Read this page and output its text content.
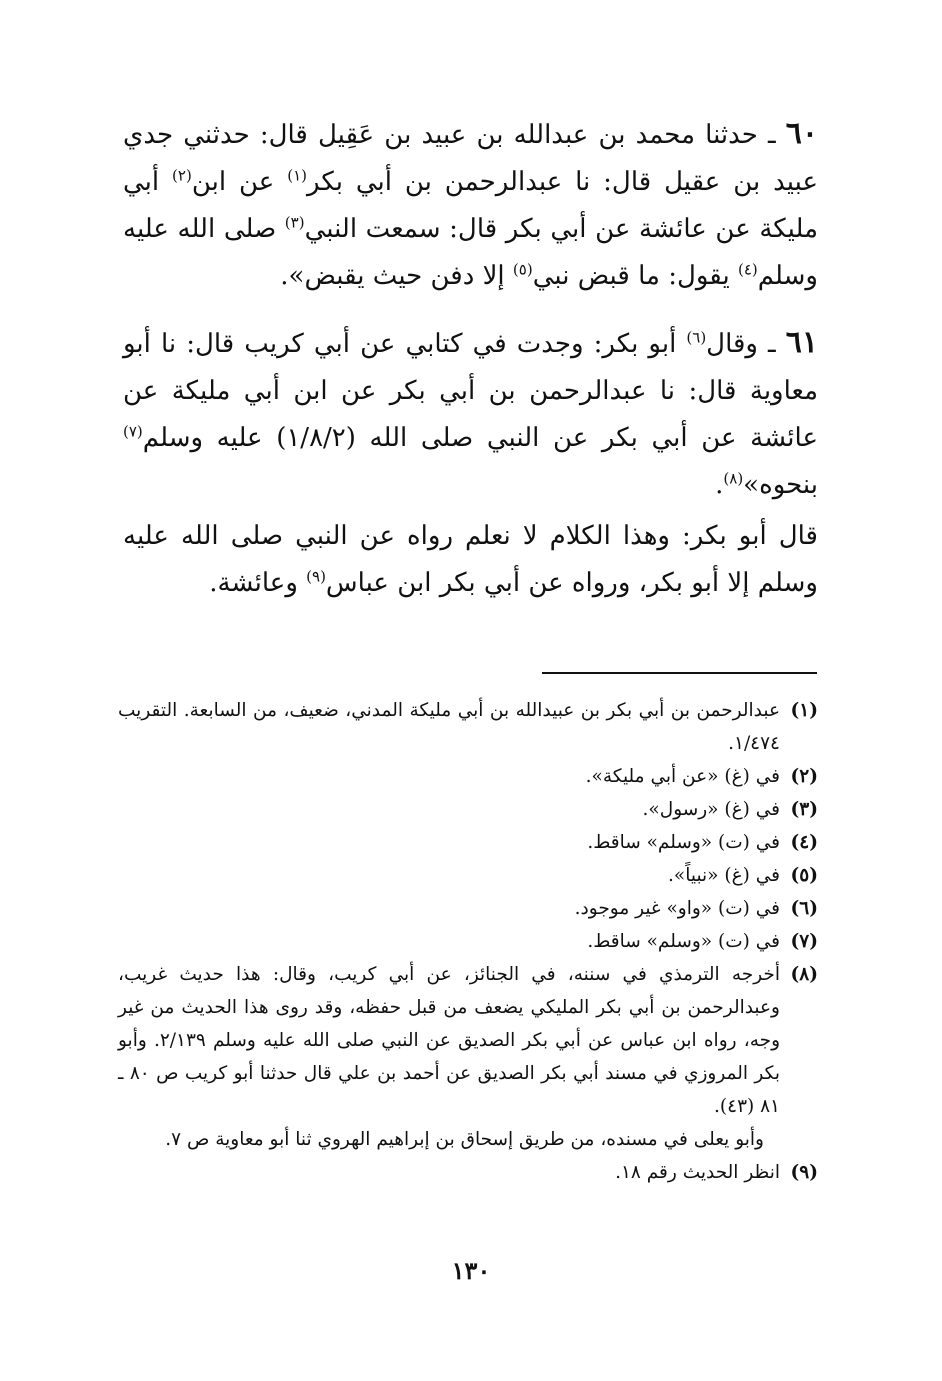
٦٠ ـ حدثنا محمد بن عبدالله بن عبيد بن عَقِيل قال: حدثني جدي عبيد بن عقيل قال: نا عبدالرحمن بن أبي بكر$^{(١)}$ عن ابن$^{(٢)}$ أبي مليكة عن عائشة عن أبي بكر قال: سمعت النبي$^{(٣)}$ صلى الله عليه وسلم$^{(٤)}$ يقول: ما قبض نبي$^{(٥)}$ إلا دفن حيث يقبض».

٦١ ـ وقال$^{(٦)}$ أبو بكر: وجدت في كتابي عن أبي كريب قال: نا أبو معاوية قال: نا عبدالرحمن بن أبي بكر عن ابن أبي مليكة عن عائشة عن أبي بكر عن النبي صلى الله (١/٨/٢) عليه وسلم$^{(٧)}$ بنحوه»$^{(٨)}$.

قال أبو بكر: وهذا الكلام لا نعلم رواه عن النبي صلى الله عليه وسلم إلا أبو بكر، ورواه عن أبي بكر ابن عباس$^{(٩)}$ وعائشة.

(١)
عبدالرحمن بن أبي بكر بن عبيدالله بن أبي مليكة المدني، ضعيف، من السابعة. التقريب ١/٤٧٤.
(٢)
في (غ) «عن أبي مليكة».
(٣)
في (غ) «رسول».
(٤)
في (ت) «وسلم» ساقط.
(٥)
في (غ) «نبياً».
(٦)
في (ت) «واو» غير موجود.
(٧)
في (ت) «وسلم» ساقط.
(٨)
أخرجه الترمذي في سننه، في الجنائز، عن أبي كريب، وقال: هذا حديث غريب، وعبدالرحمن بن أبي بكر المليكي يضعف من قبل حفظه، وقد روى هذا الحديث من غير وجه، رواه ابن عباس عن أبي بكر الصديق عن النبي صلى الله عليه وسلم ٢/١٣٩. وأبو بكر المروزي في مسند أبي بكر الصديق عن أحمد بن علي قال حدثنا أبو كريب ص ٨٠ ـ ٨١ (٤٣).
وأبو يعلى في مسنده، من طريق إسحاق بن إبراهيم الهروي ثنا أبو معاوية ص ٧.
(٩)
انظر الحديث رقم ١٨.
١٣٠
